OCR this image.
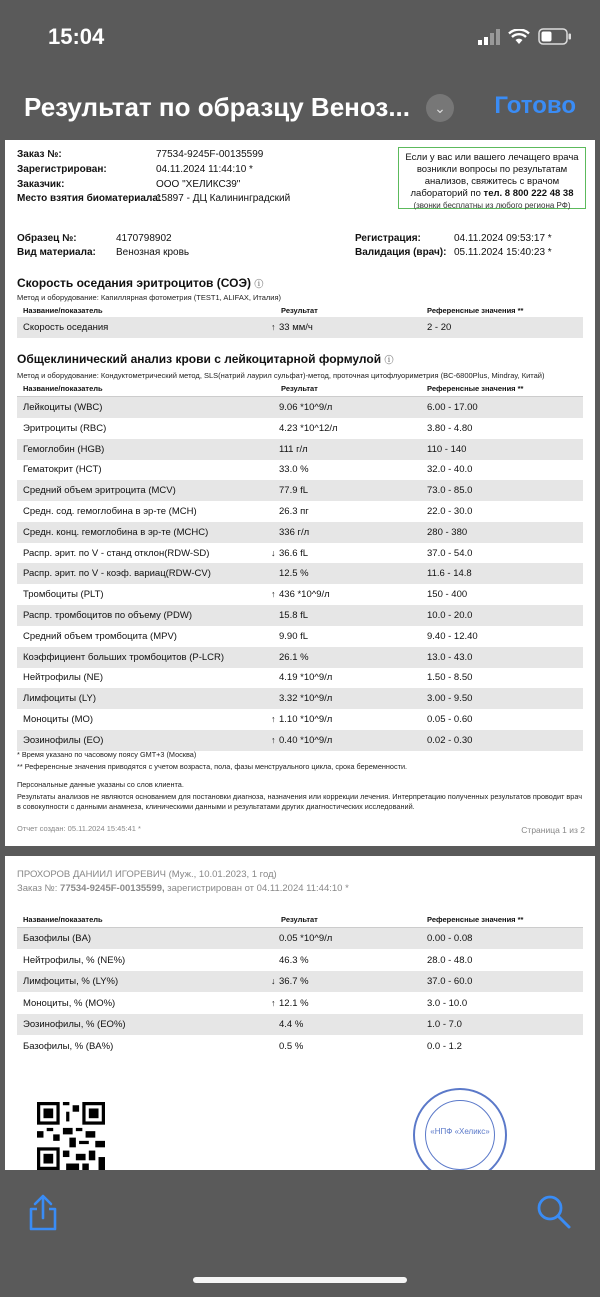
15:04
Результат по образцу Веноз...	⌄	Готово
Заказ №:	77534-9245F-00135599
Зарегистрирован:	04.11.2024 11:44:10 *
Заказчик:	ООО "ХЕЛИКС39"
Место взятия биоматериала:
15897 - ДЦ Калининградский
Если у вас или вашего лечащего врача
возникли вопросы по результатам
анализов, свяжитесь с врачом
лабораторий по тел. 8 800 222 48 38
(звонки бесплатны из любого региона РФ)
Образец №:	4170798902
Вид материала: Венозная кровь
Регистрация:	04.11.2024 09:53:17 *
Валидация (врач): 05.11.2024 15:40:23 *
Скорость оседания эритроцитов (СОЭ) ⓘ
Метод и оборудование: Капиллярная фотометрия (TEST1, ALIFAX, Италия)
Название/показатель	Результат	Референсные значения **
Скорость оседания	↑ 33 мм/ч	2 - 20
Общеклинический анализ крови с лейкоцитарной формулой ⓘ
Метод и оборудование: Кондуктометрический метод, SLS(натрий лаурил сульфат)-метод, проточная цитофлуориметрия (BC-6800Plus, Mindray, Китай)
Название/показатель	Результат	Референсные значения **
Лейкоциты (WBC)	9.06 *10^9/л	6.00 - 17.00
Эритроциты (RBC)	4.23 *10^12/л	3.80 - 4.80
Гемоглобин (HGB)	111 г/л	110 - 140
Гематокрит (HCT)	33.0 %	32.0 - 40.0
Средний объем эритроцита (MCV)	77.9 fL	73.0 - 85.0
Средн. сод. гемоглобина в эр-те (MCH)	26.3 пг	22.0 - 30.0
Средн. конц. гемоглобина в эр-те (MCHC)	336 г/л	280 - 380
Распр. эрит. по V - станд отклон(RDW-SD)	↓ 36.6 fL	37.0 - 54.0
Распр. эрит. по V - коэф. вариац(RDW-CV)	12.5 %	11.6 - 14.8
Тромбоциты (PLT)	↑ 436 *10^9/л	150 - 400
Распр. тромбоцитов по объему (PDW)	15.8 fL	10.0 - 20.0
Средний объем тромбоцита (MPV)	9.90 fL	9.40 - 12.40
Коэффициент больших тромбоцитов (P-LCR)	26.1 %	13.0 - 43.0
Нейтрофилы (NE)	4.19 *10^9/л	1.50 - 8.50
Лимфоциты (LY)	3.32 *10^9/л	3.00 - 9.50
Моноциты (MO)	↑ 1.10 *10^9/л	0.05 - 0.60
Эозинофилы (EO)	↑ 0.40 *10^9/л	0.02 - 0.30
* Время указано по часовому поясу GMT+3 (Москва)
** Референсные значения приводятся с учетом возраста, пола, фазы менструального цикла, срока беременности.
Персональные данные указаны со слов клиента.
Результаты анализов не являются основанием для постановки диагноза, назначения или коррекции лечения. Интерпретацию полученных результатов проводит врач в совокупности с данными анамнеза, клиническими данными и результатами других диагностических исследований.
Отчет создан: 05.11.2024 15:45:41 *	Страница 1 из 2
ПРОХОРОВ ДАНИИЛ ИГОРЕВИЧ (Муж., 10.01.2023, 1 год)
Заказ №: 77534-9245F-00135599, зарегистрирован от 04.11.2024 11:44:10 *
Название/показатель	Результат	Референсные значения **
Базофилы (BA)	0.05 *10^9/л	0.00 - 0.08
Нейтрофилы, % (NE%)	46.3 %	28.0 - 48.0
Лимфоциты, % (LY%)	↓ 36.7 %	37.0 - 60.0
Моноциты, % (MO%)	↑ 12.1 %	3.0 - 10.0
Эозинофилы, % (EO%)	4.4 %	1.0 - 7.0
Базофилы, % (BA%)	0.5 %	0.0 - 1.2
«НПФ «Хеликс»
